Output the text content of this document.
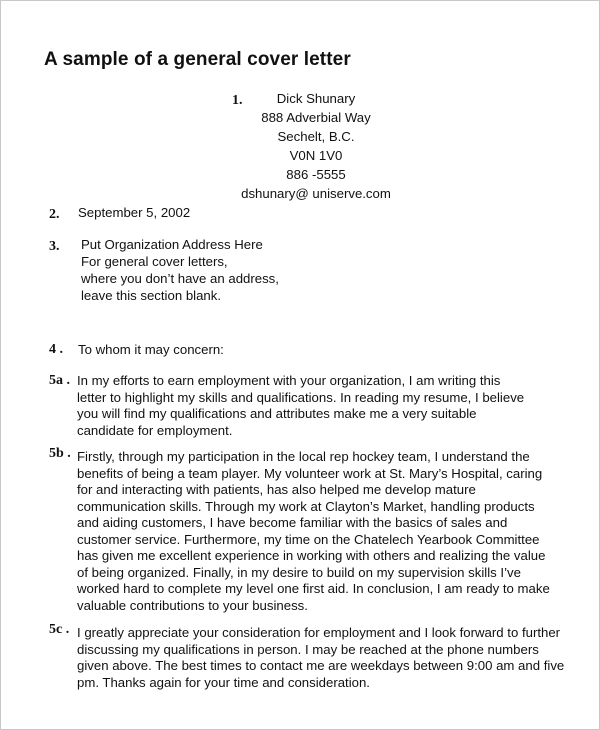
A sample of a general cover letter
1.	Dick Shunary
888 Adverbial Way
Sechelt, B.C.
V0N 1V0
886 -5555
dshunary@ uniserve.com
2. September 5, 2002
3. Put Organization Address Here
For general cover letters,
where you don’t have an address,
leave this section blank.
4 . To whom it may concern:
5a . In my efforts to earn employment with your organization, I am writing this
letter to highlight my skills and qualifications. In reading my resume, I believe
you will find my qualifications and attributes make me a very suitable
candidate for employment.
5b . Firstly, through my participation in the local rep hockey team, I understand the
benefits of being a team player. My volunteer work at St. Mary’s Hospital, caring
for and interacting with patients, has also helped me develop mature
communication skills. Through my work at Clayton’s Market, handling products
and aiding customers, I have become familiar with the basics of sales and
customer service. Furthermore, my time on the Chatelech Yearbook Committee
has given me excellent experience in working with others and realizing the value
of being organized. Finally, in my desire to build on my supervision skills I’ve
worked hard to complete my level one first aid. In conclusion, I am ready to make
valuable contributions to your business.
5c . I greatly appreciate your consideration for employment and I look forward to further
discussing my qualifications in person. I may be reached at the phone numbers
given above. The best times to contact me are weekdays between 9:00 am and five
pm. Thanks again for your time and consideration.
